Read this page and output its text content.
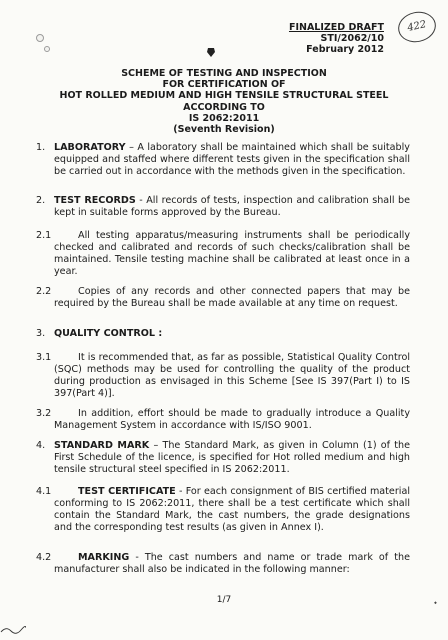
⬩
FINALIZED DRAFT
STI/2062/10
February 2012
422
SCHEME OF TESTING AND INSPECTION
FOR CERTIFICATION OF
HOT ROLLED MEDIUM AND HIGH TENSILE STRUCTURAL STEEL
ACCORDING TO
IS 2062:2011
(Seventh Revision)
1. LABORATORY – A laboratory shall be maintained which shall be suitably equipped and staffed where different tests given in the specification shall be carried out in accordance with the methods given in the specification.
2. TEST RECORDS - All records of tests, inspection and calibration shall be kept in suitable forms approved by the Bureau.
2.1	All testing apparatus/measuring instruments shall be periodically checked and calibrated and records of such checks/calibration shall be maintained. Tensile testing machine shall be calibrated at least once in a year.
2.2	Copies of any records and other connected papers that may be required by the Bureau shall be made available at any time on request.
3. QUALITY CONTROL :
3.1	It is recommended that, as far as possible, Statistical Quality Control (SQC) methods may be used for controlling the quality of the product during production as envisaged in this Scheme [See IS 397(Part I) to IS 397(Part 4)].
3.2	In addition, effort should be made to gradually introduce a Quality Management System in accordance with IS/ISO 9001.
4. STANDARD MARK – The Standard Mark, as given in Column (1) of the First Schedule of the licence, is specified for Hot rolled medium and high tensile structural steel specified in IS 2062:2011.
4.1	TEST CERTIFICATE - For each consignment of BIS certified material conforming to IS 2062:2011, there shall be a test certificate which shall contain the Standard Mark, the cast numbers, the grade designations and the corresponding test results (as given in Annex I).
4.2	MARKING - The cast numbers and name or trade mark of the manufacturer shall also be indicated in the following manner:
1/7
